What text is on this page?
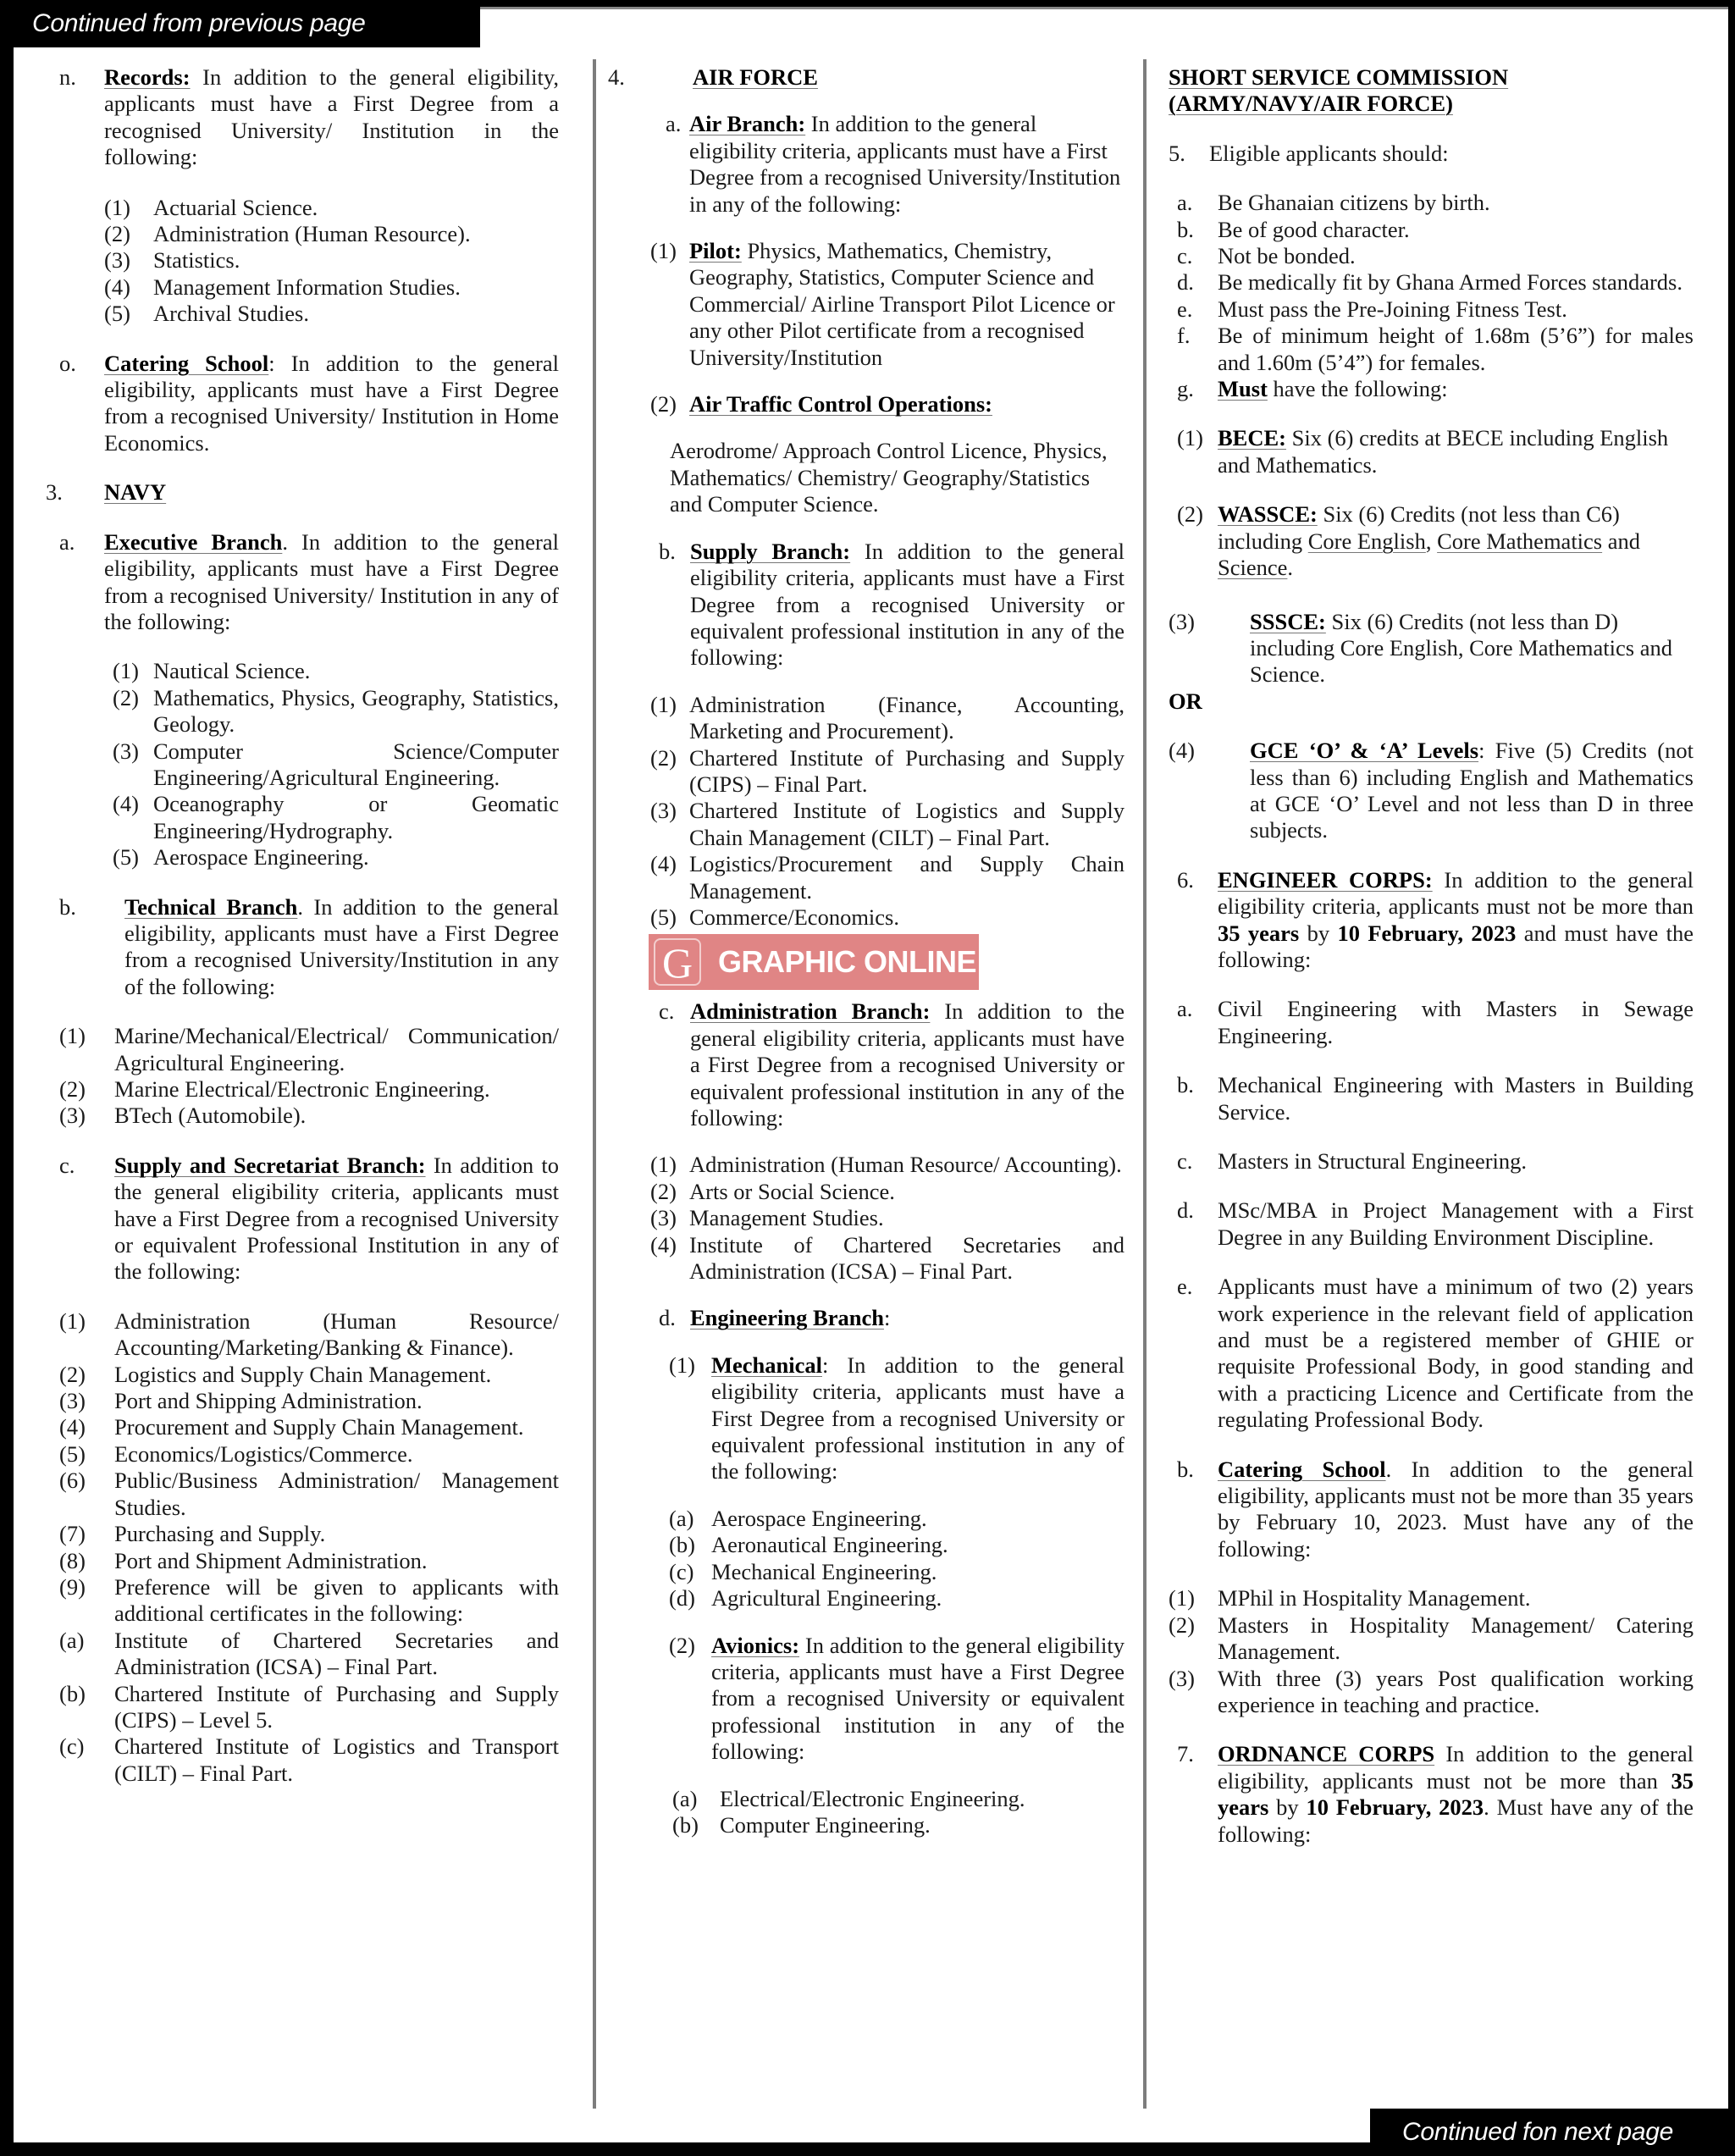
Continued from previous page
n.	Records: In addition to the general eligibility, applicants must have a First Degree from a recognised University/ Institution in the following:
(1)	Actuarial Science.
(2)	Administration (Human Resource).
(3)	Statistics.
(4)	Management Information Studies.
(5)	Archival Studies.
o.	Catering School: In addition to the general eligibility, applicants must have a First Degree from a recognised University/ Institution in Home Economics.
3.	NAVY
a.	Executive Branch. In addition to the general eligibility, applicants must have a First Degree from a recognised University/ Institution in any of the following:
(1) Nautical Science.
(2) Mathematics, Physics, Geography, Statistics, Geology.
(3) Computer Science/Computer Engineering/Agricultural Engineering.
(4) Oceanography or Geomatic Engineering/Hydrography.
(5) Aerospace Engineering.
b.	Technical Branch. In addition to the general eligibility, applicants must have a First Degree from a recognised University/Institution in any of the following:
(1)	Marine/Mechanical/Electrical/ Communication/ Agricultural Engineering.
(2)	Marine Electrical/Electronic Engineering.
(3)	BTech (Automobile).
c.	Supply and Secretariat Branch: In addition to the general eligibility criteria, applicants must have a First Degree from a recognised University or equivalent Professional Institution in any of the following:
(1)	Administration (Human Resource/ Accounting/Marketing/Banking & Finance).
(2)	Logistics and Supply Chain Management.
(3)	Port and Shipping Administration.
(4)	Procurement and Supply Chain Management.
(5)	Economics/Logistics/Commerce.
(6)	Public/Business Administration/ Management Studies.
(7)	Purchasing and Supply.
(8)	Port and Shipment Administration.
(9)	Preference will be given to applicants with additional certificates in the following:
(a)	Institute of Chartered Secretaries and Administration (ICSA) – Final Part.
(b)	Chartered Institute of Purchasing and Supply (CIPS) – Level 5.
(c)	Chartered Institute of Logistics and Transport (CILT) – Final Part.
4.	AIR FORCE
a. Air Branch: In addition to the general eligibility criteria, applicants must have a First Degree from a recognised University/Institution in any of the following:
(1) Pilot: Physics, Mathematics, Chemistry, Geography, Statistics, Computer Science and Commercial/ Airline Transport Pilot Licence or any other Pilot certificate from a recognised University/Institution
(2) Air Traffic Control Operations:
Aerodrome/ Approach Control Licence, Physics, Mathematics/ Chemistry/ Geography/Statistics and Computer Science.
b. Supply Branch: In addition to the general eligibility criteria, applicants must have a First Degree from a recognised University or equivalent professional institution in any of the following:
(1) Administration (Finance, Accounting, Marketing and Procurement).
(2) Chartered Institute of Purchasing and Supply (CIPS) – Final Part.
(3) Chartered Institute of Logistics and Supply Chain Management (CILT) – Final Part.
(4) Logistics/Procurement and Supply Chain Management.
(5) Commerce/Economics.
G GRAPHIC ONLINE
c. Administration Branch: In addition to the general eligibility criteria, applicants must have a First Degree from a recognised University or equivalent professional institution in any of the following:
(1) Administration (Human Resource/ Accounting).
(2) Arts or Social Science.
(3) Management Studies.
(4) Institute of Chartered Secretaries and Administration (ICSA) – Final Part.
d. Engineering Branch:
(1) Mechanical: In addition to the general eligibility criteria, applicants must have a First Degree from a recognised University or equivalent professional institution in any of the following:
(a) Aerospace Engineering.
(b) Aeronautical Engineering.
(c) Mechanical Engineering.
(d) Agricultural Engineering.
(2) Avionics: In addition to the general eligibility criteria, applicants must have a First Degree from a recognised University or equivalent professional institution in any of the following:
(a)	Electrical/Electronic Engineering.
(b) Computer Engineering.
SHORT SERVICE COMMISSION
(ARMY/NAVY/AIR FORCE)
5.	Eligible applicants should:
a.	Be Ghanaian citizens by birth.
b.	Be of good character.
c.	Not be bonded.
d.	Be medically fit by Ghana Armed Forces standards.
e.	Must pass the Pre-Joining Fitness Test.
f.	Be of minimum height of 1.68m (5’6”) for males and 1.60m (5’4”) for females.
g.	Must have the following:
(1) BECE: Six (6) credits at BECE including English and Mathematics.
(2) WASSCE: Six (6) Credits (not less than C6) including Core English, Core Mathematics and Science.
(3)	SSSCE: Six (6) Credits (not less than D) including Core English, Core Mathematics and Science.
OR
(4)	GCE ‘O’ & ‘A’ Levels: Five (5) Credits (not less than 6) including English and Mathematics at GCE ‘O’ Level and not less than D in three subjects.
6.	ENGINEER CORPS: In addition to the general eligibility criteria, applicants must not be more than 35 years by 10 February, 2023 and must have the following:
a.	Civil Engineering with Masters in Sewage Engineering.
b.	Mechanical Engineering with Masters in Building Service.
c.	Masters in Structural Engineering.
d.	MSc/MBA in Project Management with a First Degree in any Building Environment Discipline.
e.	Applicants must have a minimum of two (2) years work experience in the relevant field of application and must be a registered member of GHIE or requisite Professional Body, in good standing and with a practicing Licence and Certificate from the regulating Professional Body.
b.	Catering School. In addition to the general eligibility, applicants must not be more than 35 years by February 10, 2023. Must have any of the following:
(1)	MPhil in Hospitality Management.
(2)	Masters in Hospitality Management/ Catering Management.
(3)	With three (3) years Post qualification working experience in teaching and practice.
7.	ORDNANCE CORPS In addition to the general eligibility, applicants must not be more than 35 years by 10 February, 2023. Must have any of the following:
Continued fon next page
